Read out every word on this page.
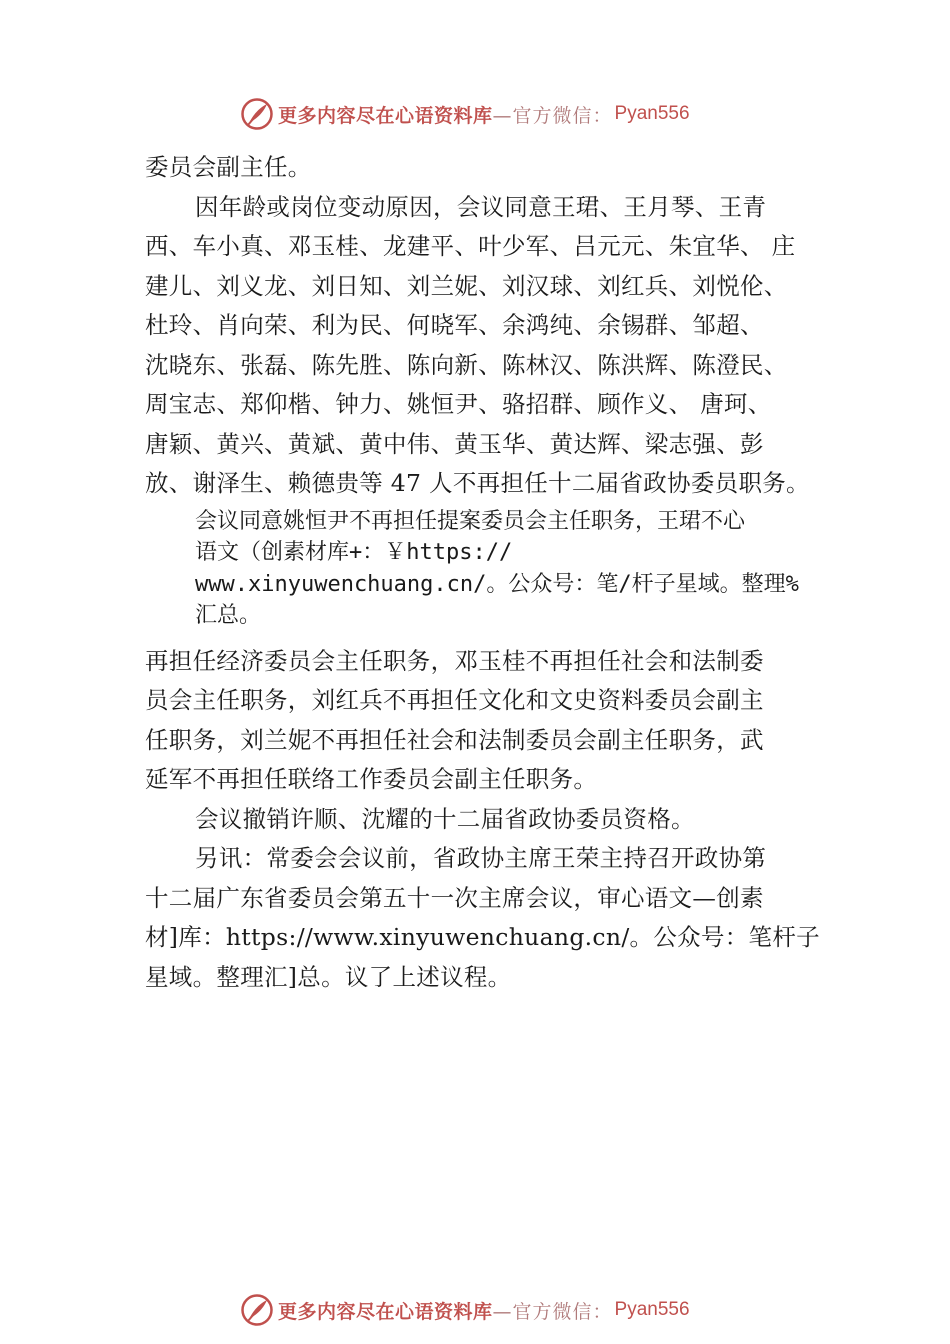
更多内容尽在心语资料库 —官方微信： Pyan556
委员会副主任。
因年龄或岗位变动原因，会议同意王珺、王月琴、王青
西、车小真、邓玉桂、龙建平、叶少军、吕元元、朱宜华、 庄
建儿、刘义龙、刘日知、刘兰妮、刘汉球、刘红兵、刘悦伦、
杜玲、肖向荣、利为民、何晓军、余鸿纯、余锡群、邹超、
沈晓东、张磊、陈先胜、陈向新、陈林汉、陈洪辉、陈澄民、
周宝志、郑仰楷、钟力、姚恒尹、骆招群、顾作义、 唐珂、
唐颖、黄兴、黄斌、黄中伟、黄玉华、黄达辉、梁志强、彭
放、谢泽生、赖德贵等 47 人不再担任十二届省政协委员职务。
会议同意姚恒尹不再担任提案委员会主任职务，王珺不心
语文（创素材库+：￥https://
www.xinyuwenchuang.cn/。公众号：笔/杆子星域。整理%
汇总。
再担任经济委员会主任职务，邓玉桂不再担任社会和法制委
员会主任职务，刘红兵不再担任文化和文史资料委员会副主
任职务，刘兰妮不再担任社会和法制委员会副主任职务，武
延军不再担任联络工作委员会副主任职务。
会议撤销许顺、沈耀的十二届省政协委员资格。
另讯：常委会会议前，省政协主席王荣主持召开政协第
十二届广东省委员会第五十一次主席会议，审心语文—创素
材]库：https://www.xinyuwenchuang.cn/。公众号：笔杆子
星域。整理汇]总。议了上述议程。
更多内容尽在心语资料库 —官方微信： Pyan556
